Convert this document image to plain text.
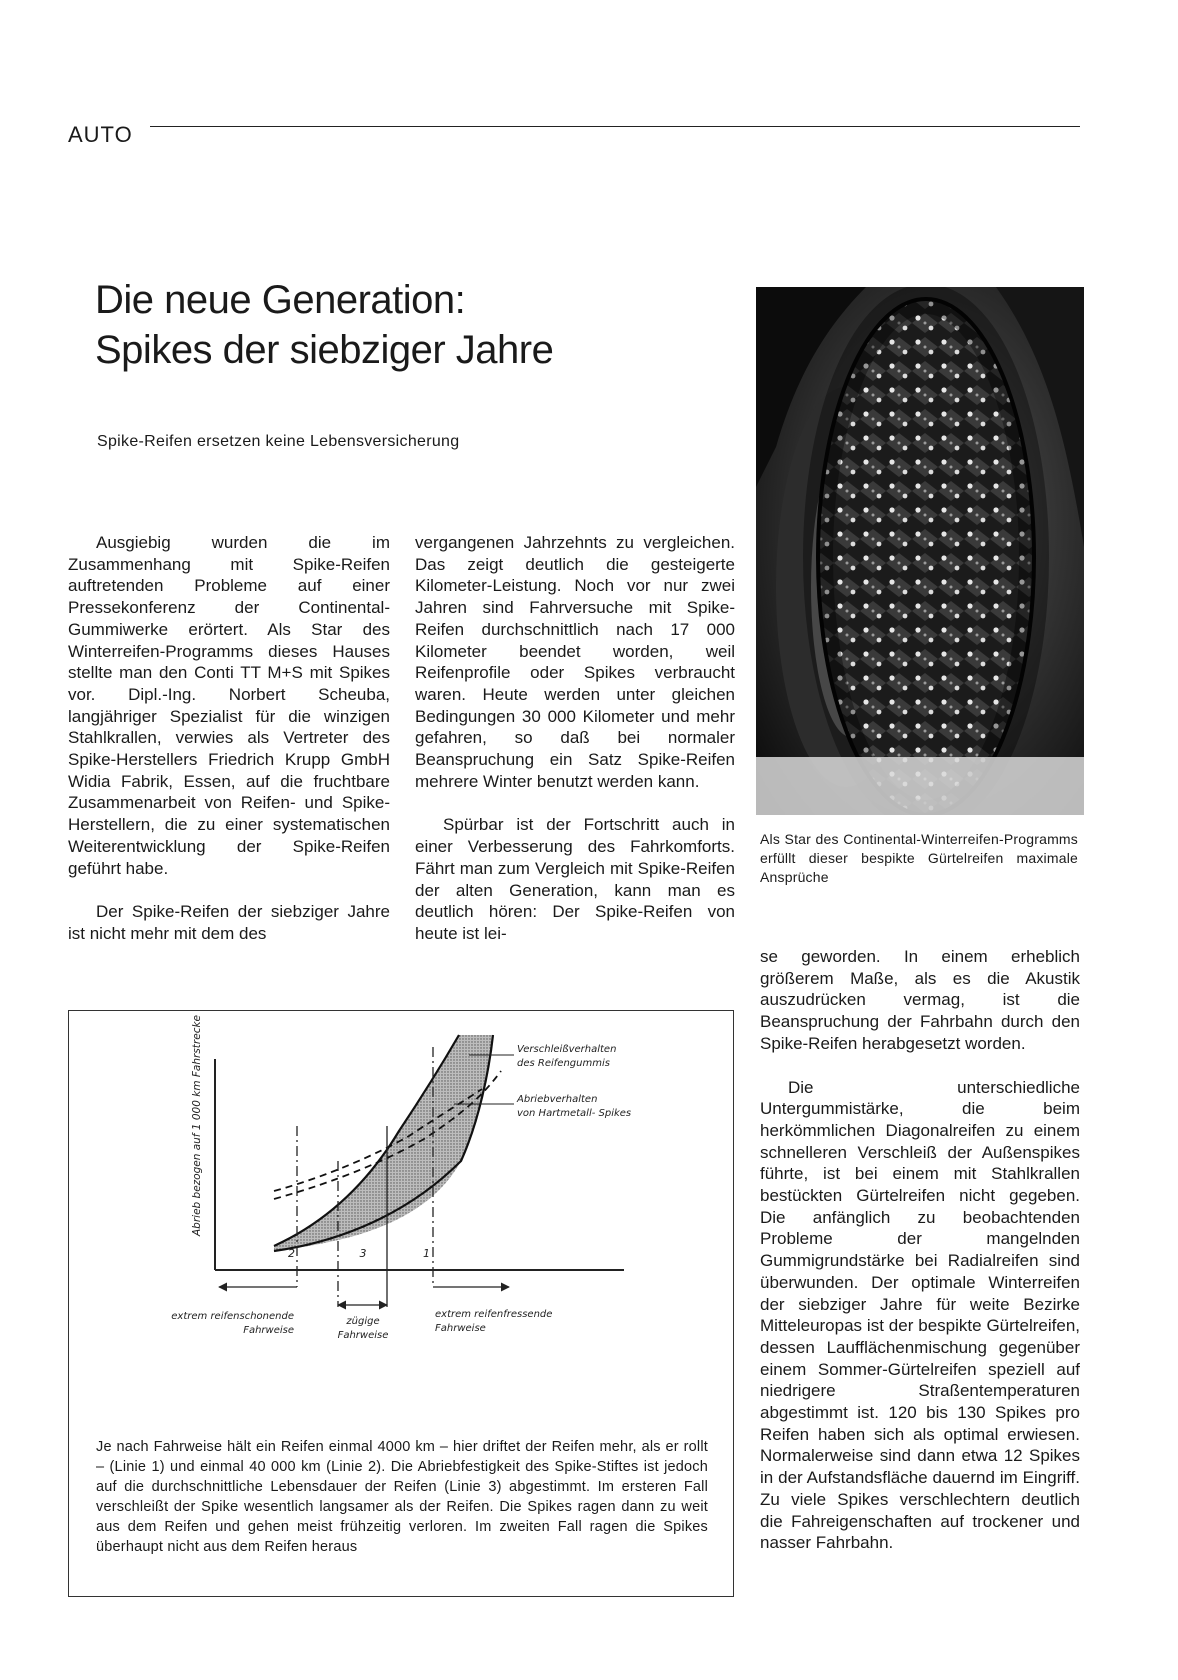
AUTO
Die neue Generation:
Spikes der siebziger Jahre
Spike-Reifen ersetzen keine Lebensversicherung

Ausgiebig wurden die im Zusammenhang mit Spike-Reifen auftretenden Probleme auf einer Pressekonferenz der Continental-Gummiwerke erörtert. Als Star des Winterreifen-Programms dieses Hauses stellte man den Conti TT M+S mit Spikes vor. Dipl.-Ing. Norbert Scheuba, langjähriger Spezialist für die winzigen Stahlkrallen, verwies als Vertreter des Spike-Herstellers Friedrich Krupp GmbH Widia Fabrik, Essen, auf die fruchtbare Zusammenarbeit von Reifen- und Spike-Herstellern, die zu einer systematischen Weiterentwicklung der Spike-Reifen geführt habe.

Der Spike-Reifen der siebziger Jahre ist nicht mehr mit dem des

vergangenen Jahrzehnts zu vergleichen. Das zeigt deutlich die gesteigerte Kilometer-Leistung. Noch vor nur zwei Jahren sind Fahrversuche mit Spike-Reifen durchschnittlich nach 17 000 Kilometer beendet worden, weil Reifenprofile oder Spikes verbraucht waren. Heute werden unter gleichen Bedingungen 30 000 Kilometer und mehr gefahren, so daß bei normaler Beanspruchung ein Satz Spike-Reifen mehrere Winter benutzt werden kann.

Spürbar ist der Fortschritt auch in einer Verbesserung des Fahrkomforts. Fährt man zum Vergleich mit Spike-Reifen der alten Generation, kann man es deutlich hören: Der Spike-Reifen von heute ist lei-

Als Star des Continental-Winterreifen-Programms erfüllt dieser bespikte Gürtelreifen maximale Ansprüche

se geworden. In einem erheblich größerem Maße, als es die Akustik auszudrücken vermag, ist die Beanspruchung der Fahrbahn durch den Spike-Reifen herabgesetzt worden.

Die unterschiedliche Untergummistärke, die beim herkömmlichen Diagonalreifen zu einem schnelleren Verschleiß der Außenspikes führte, ist bei einem mit Stahlkrallen bestückten Gürtelreifen nicht gegeben. Die anfänglich zu beobachtenden Probleme der mangelnden Gummigrundstärke bei Radialreifen sind überwunden. Der optimale Winterreifen der siebziger Jahre für weite Bezirke Mitteleuropas ist der bespikte Gürtelreifen, dessen Laufflächenmischung gegenüber einem Sommer-Gürtelreifen speziell auf niedrigere Straßentemperaturen abgestimmt ist. 120 bis 130 Spikes pro Reifen haben sich als optimal erwiesen. Normalerweise sind dann etwa 12 Spikes in der Aufstandsfläche dauernd im Eingriff. Zu viele Spikes verschlechtern deutlich die Fahreigenschaften auf trockener und nasser Fahrbahn.

Abrieb bezogen auf 1 000 km Fahrstrecke
2	3	1
Verschleißverhalten
des Reifengummis
Abriebverhalten
von Hartmetall- Spikes
extrem reifenschonende
Fahrweise
zügige
Fahrweise
extrem reifenfressende
Fahrweise
Je nach Fahrweise hält ein Reifen einmal 4000 km – hier driftet der Reifen mehr, als er rollt – (Linie 1) und einmal 40 000 km (Linie 2). Die Abriebfestigkeit des Spike-Stiftes ist jedoch auf die durchschnittliche Lebensdauer der Reifen (Linie 3) abgestimmt. Im ersteren Fall verschleißt der Spike wesentlich langsamer als der Reifen. Die Spikes ragen dann zu weit aus dem Reifen und gehen meist frühzeitig verloren. Im zweiten Fall ragen die Spikes überhaupt nicht aus dem Reifen heraus
